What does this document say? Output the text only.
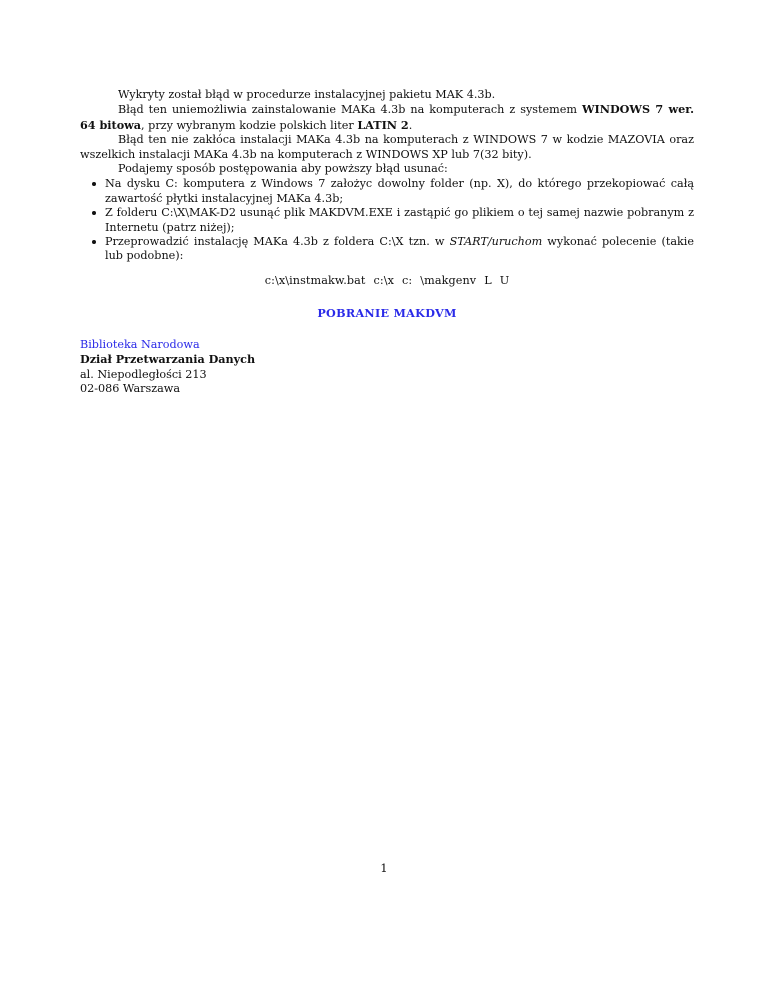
Wykryty został błąd w procedurze instalacyjnej pakietu MAK 4.3b.

Błąd ten uniemożliwia zainstalowanie MAKa 4.3b na komputerach z systemem WINDOWS 7 wer. 64 bitowa, przy wybranym kodzie polskich liter LATIN 2.

Błąd ten nie zakłóca instalacji MAKa 4.3b na komputerach z WINDOWS 7 w kodzie MAZOVIA oraz wszelkich instalacji MAKa 4.3b na komputerach z WINDOWS XP lub 7(32 bity).

Podajemy sposób postępowania aby powższy błąd usunać:

Na dysku C: komputera z Windows 7 założyc dowolny folder (np. X), do którego przekopiować całą zawartość płytki instalacyjnej MAKa 4.3b;
Z folderu C:\X\MAK-D2 usunąć plik MAKDVM.EXE i zastąpić go plikiem o tej samej nazwie pobranym z Internetu (patrz niżej);
Przeprowadzić instalację MAKa 4.3b z foldera C:\X tzn. w START/uruchom wykonać polecenie (takie lub podobne):

c:\x\instmakw.bat c:\x c: \makgenv L U

POBRANIE MAKDVM

Biblioteka Narodowa

Dział Przetwarzania Danych

al. Niepodległości 213

02-086 Warszawa

1
